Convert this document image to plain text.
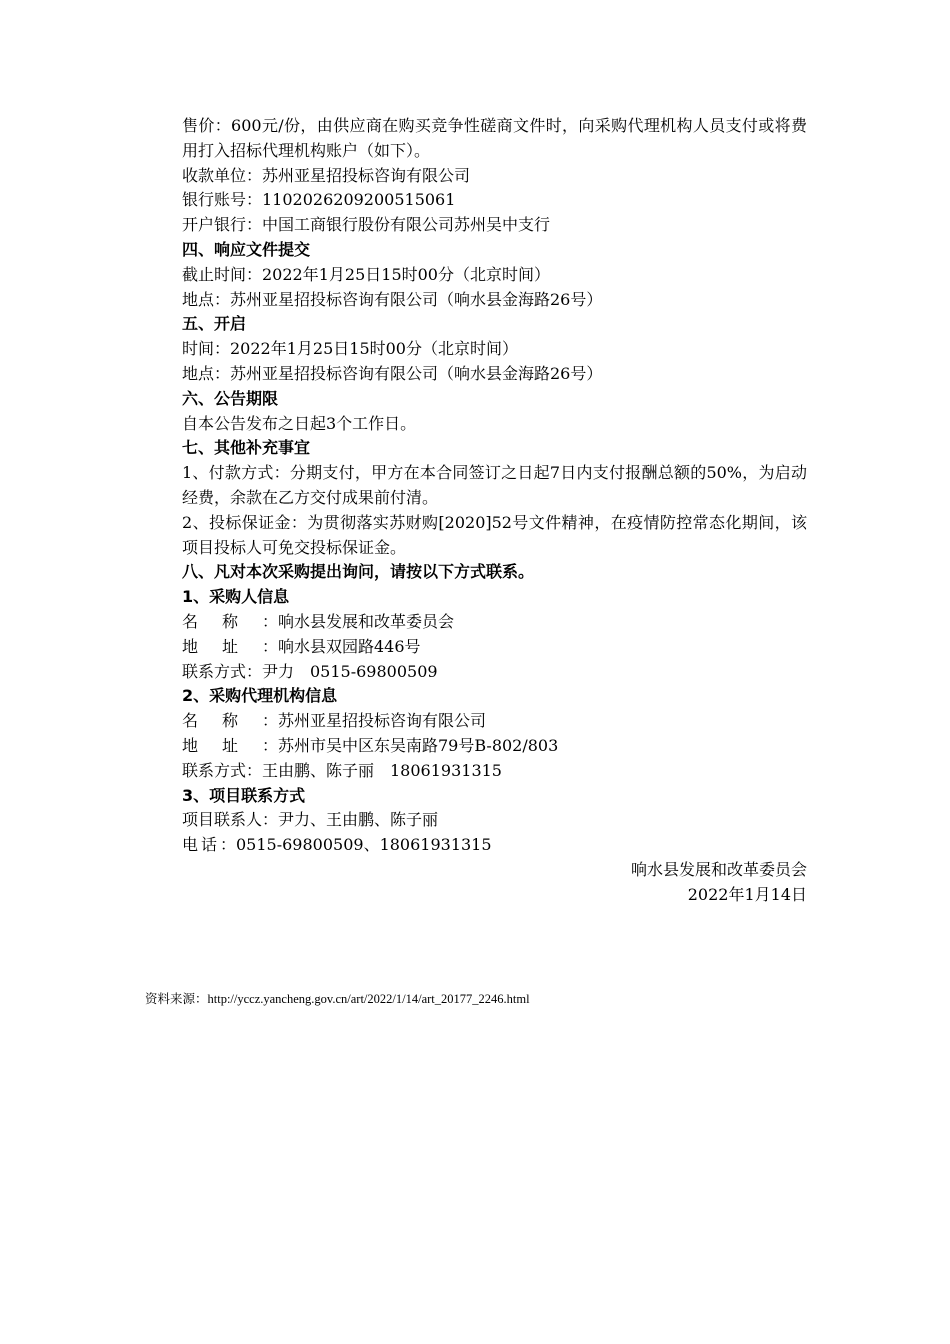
售价：600元/份，由供应商在购买竞争性磋商文件时，向采购代理机构人员支付或将费用打入招标代理机构账户（如下）。
收款单位：苏州亚星招投标咨询有限公司
银行账号：1102026209200515061
开户银行：中国工商银行股份有限公司苏州吴中支行
四、响应文件提交
截止时间：2022年1月25日15时00分（北京时间）
地点：苏州亚星招投标咨询有限公司（响水县金海路26号）
五、开启
时间：2022年1月25日15时00分（北京时间）
地点：苏州亚星招投标咨询有限公司（响水县金海路26号）
六、公告期限
自本公告发布之日起3个工作日。
七、其他补充事宜
1、付款方式：分期支付，甲方在本合同签订之日起7日内支付报酬总额的50%，为启动经费，余款在乙方交付成果前付清。
2、投标保证金：为贯彻落实苏财购[2020]52号文件精神，在疫情防控常态化期间，该项目投标人可免交投标保证金。
八、凡对本次采购提出询问，请按以下方式联系。
1、采购人信息
名称： 响水县发展和改革委员会
地址： 响水县双园路446号
联系方式：尹力　0515-69800509
2、采购代理机构信息
名称： 苏州亚星招投标咨询有限公司
地址： 苏州市吴中区东吴南路79号B-802/803
联系方式：王由鹏、陈子丽　18061931315
3、项目联系方式
项目联系人：尹力、王由鹏、陈子丽
电话： 0515-69800509、18061931315
响水县发展和改革委员会
2022年1月14日
资料来源：http://yccz.yancheng.gov.cn/art/2022/1/14/art_20177_2246.html
